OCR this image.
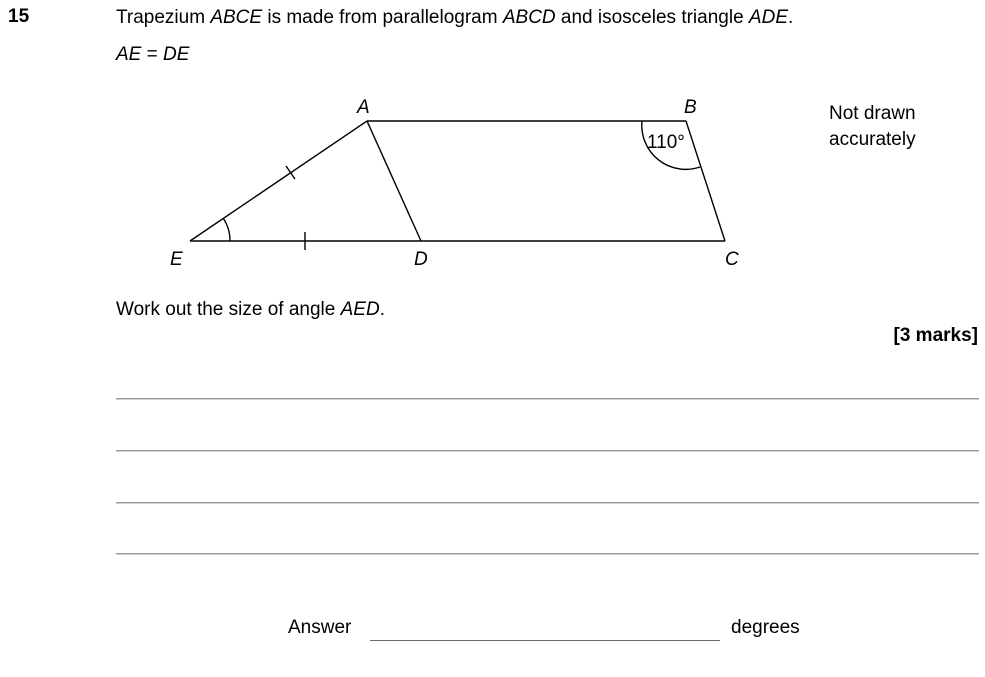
15	Trapezium ABCE is made from parallelogram ABCD and isosceles triangle ADE.
AE = DE
Not drawn
accurately
A	B
C
D
E
110°
Work out the size of angle AED.
[3 marks]
Answer	degrees
